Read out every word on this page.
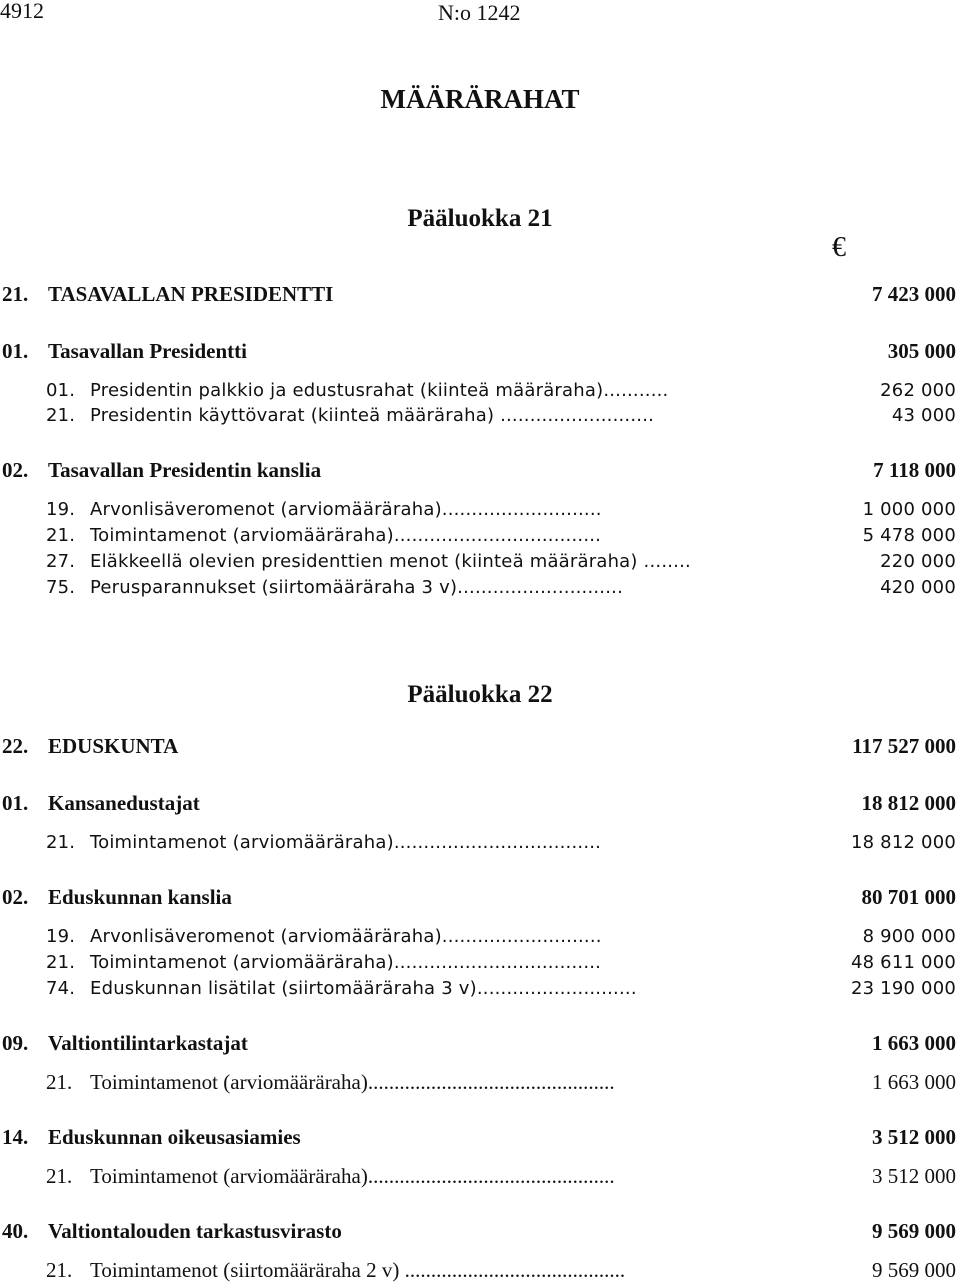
4912	N:o 1242
MÄÄRÄRAHAT
Pääluokka 21
€
21. TASAVALLAN PRESIDENTTI	7 423 000
01. Tasavallan Presidentti	305 000
01. Presidentin palkkio ja edustusrahat (kiinteä määräraha)...........	262 000
21. Presidentin käyttövarat (kiinteä määräraha) ..........................	43 000
02. Tasavallan Presidentin kanslia	7 118 000
19. Arvonlisäveromenot (arviomääräraha)...........................	1 000 000
21. Toimintamenot (arviomääräraha)...................................	5 478 000
27. Eläkkeellä olevien presidenttien menot (kiinteä määräraha) ........	220 000
75. Perusparannukset (siirtomääräraha 3 v)............................	420 000
Pääluokka 22
22. EDUSKUNTA	117 527 000
01. Kansanedustajat	18 812 000
21. Toimintamenot (arviomääräraha)...................................	18 812 000
02. Eduskunnan kanslia	80 701 000
19. Arvonlisäveromenot (arviomääräraha)...........................	8 900 000
21. Toimintamenot (arviomääräraha)...................................	48 611 000
74. Eduskunnan lisätilat (siirtomääräraha 3 v)...........................	23 190 000
09. Valtiontilintarkastajat	1 663 000
21. Toimintamenot (arviomääräraha)...............................................	1 663 000
14. Eduskunnan oikeusasiamies	3 512 000
21. Toimintamenot (arviomääräraha)...............................................	3 512 000
40. Valtiontalouden tarkastusvirasto	9 569 000
21. Toimintamenot (siirtomääräraha 2 v) ..........................................	9 569 000
